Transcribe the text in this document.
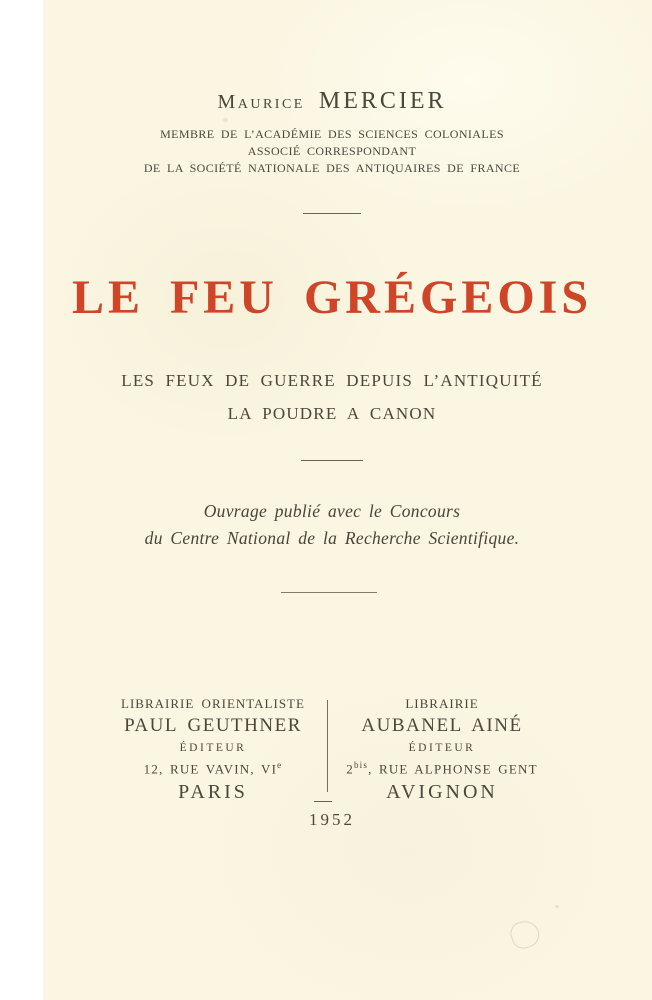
Maurice MERCIER
MEMBRE DE L’ACADÉMIE DES SCIENCES COLONIALES
ASSOCIÉ CORRESPONDANT
DE LA SOCIÉTÉ NATIONALE DES ANTIQUAIRES DE FRANCE
LE FEU GRÉGEOIS
LES FEUX DE GUERRE DEPUIS L’ANTIQUITÉ
LA POUDRE A CANON
Ouvrage publié avec le Concours
du Centre National de la Recherche Scientifique.
LIBRAIRIE ORIENTALISTE
PAUL GEUTHNER
ÉDITEUR
12, RUE VAVIN, VIe
PARIS
LIBRAIRIE
AUBANEL AINÉ
ÉDITEUR
$2^{bis}$, RUE ALPHONSE GENT
AVIGNON
1952
